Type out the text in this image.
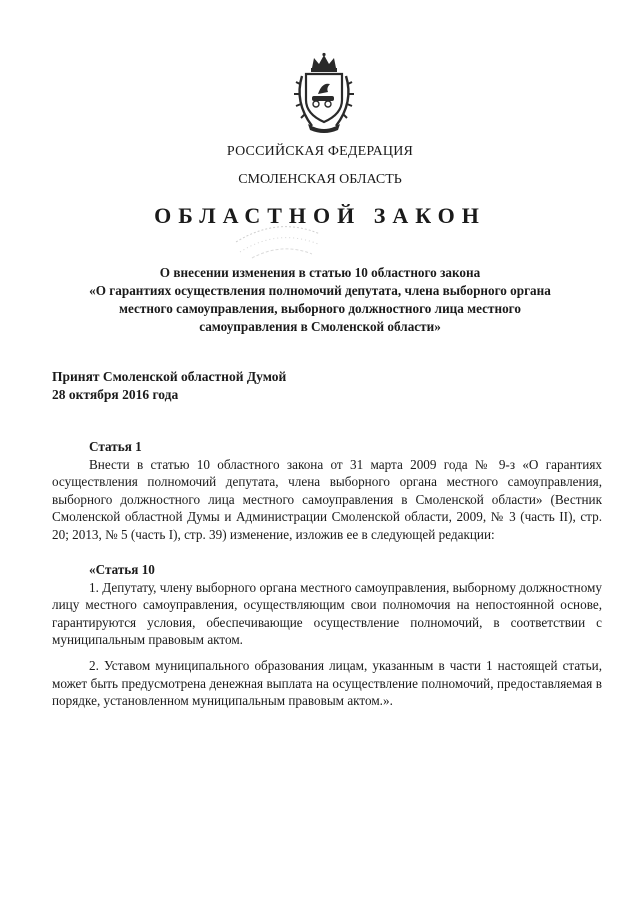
РОССИЙСКАЯ ФЕДЕРАЦИЯ
СМОЛЕНСКАЯ ОБЛАСТЬ
ОБЛАСТНОЙ ЗАКОН
О внесении изменения в статью 10 областного закона
«О гарантиях осуществления полномочий депутата, члена выборного органа
местного самоуправления, выборного должностного лица местного
самоуправления в Смоленской области»
Принят Смоленской областной Думой
28 октября 2016 года
Статья 1
Внести в статью 10 областного закона от 31 марта 2009 года № 9-з «О гарантиях осуществления полномочий депутата, члена выборного органа местного самоуправления, выборного должностного лица местного самоуправления в Смоленской области» (Вестник Смоленской областной Думы и Администрации Смоленской области, 2009, № 3 (часть II), стр. 20; 2013, № 5 (часть I), стр. 39) изменение, изложив ее в следующей редакции:
«Статья 10
1. Депутату, члену выборного органа местного самоуправления, выборному должностному лицу местного самоуправления, осуществляющим свои полномочия на непостоянной основе, гарантируются условия, обеспечивающие осуществление полномочий, в соответствии с муниципальным правовым актом.
2. Уставом муниципального образования лицам, указанным в части 1 настоящей статьи, может быть предусмотрена денежная выплата на осуществление полномочий, предоставляемая в порядке, установленном муниципальным правовым актом.».
